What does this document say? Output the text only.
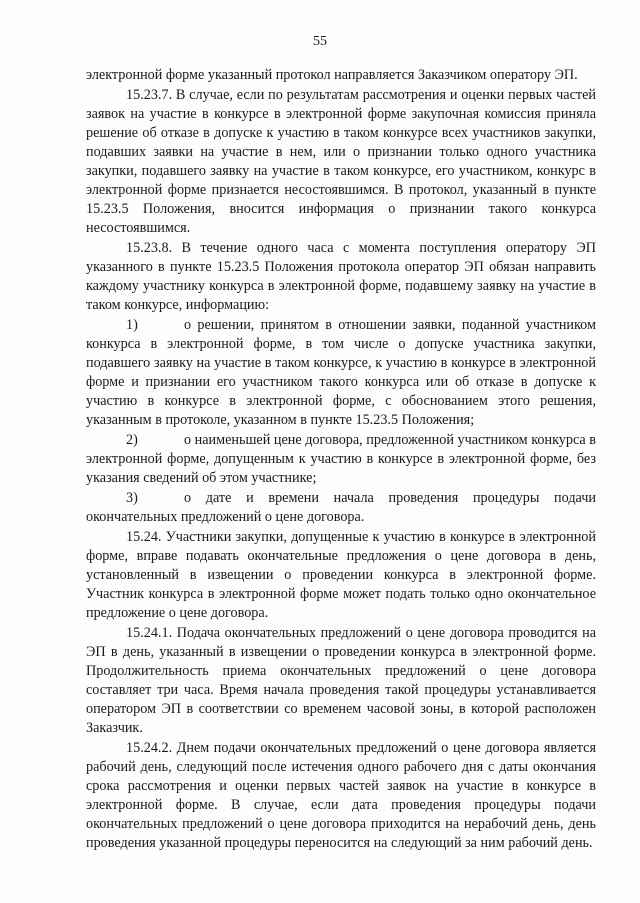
55

электронной форме указанный протокол направляется Заказчиком оператору ЭП.

15.23.7. В случае, если по результатам рассмотрения и оценки первых частей заявок на участие в конкурсе в электронной форме закупочная комиссия приняла решение об отказе в допуске к участию в таком конкурсе всех участников закупки, подавших заявки на участие в нем, или о признании только одного участника закупки, подавшего заявку на участие в таком конкурсе, его участником, конкурс в электронной форме признается несостоявшимся. В протокол, указанный в пункте 15.23.5 Положения, вносится информация о признании такого конкурса несостоявшимся.

15.23.8. В течение одного часа с момента поступления оператору ЭП указанного в пункте 15.23.5 Положения протокола оператор ЭП обязан направить каждому участнику конкурса в электронной форме, подавшему заявку на участие в таком конкурсе, информацию:

1)	о решении, принятом в отношении заявки, поданной участником конкурса в электронной форме, в том числе о допуске участника закупки, подавшего заявку на участие в таком конкурсе, к участию в конкурсе в электронной форме и признании его участником такого конкурса или об отказе в допуске к участию в конкурсе в электронной форме, с обоснованием этого решения, указанным в протоколе, указанном в пункте 15.23.5 Положения;

2)	о наименьшей цене договора, предложенной участником конкурса в электронной форме, допущенным к участию в конкурсе в электронной форме, без указания сведений об этом участнике;

3)	о дате и времени начала проведения процедуры подачи окончательных предложений о цене договора.

15.24. Участники закупки, допущенные к участию в конкурсе в электронной форме, вправе подавать окончательные предложения о цене договора в день, установленный в извещении о проведении конкурса в электронной форме. Участник конкурса в электронной форме может подать только одно окончательное предложение о цене договора.

15.24.1. Подача окончательных предложений о цене договора проводится на ЭП в день, указанный в извещении о проведении конкурса в электронной форме. Продолжительность приема окончательных предложений о цене договора составляет три часа. Время начала проведения такой процедуры устанавливается оператором ЭП в соответствии со временем часовой зоны, в которой расположен Заказчик.

15.24.2. Днем подачи окончательных предложений о цене договора является рабочий день, следующий после истечения одного рабочего дня с даты окончания срока рассмотрения и оценки первых частей заявок на участие в конкурсе в электронной форме. В случае, если дата проведения процедуры подачи окончательных предложений о цене договора приходится на нерабочий день, день проведения указанной процедуры переносится на следующий за ним рабочий день.
